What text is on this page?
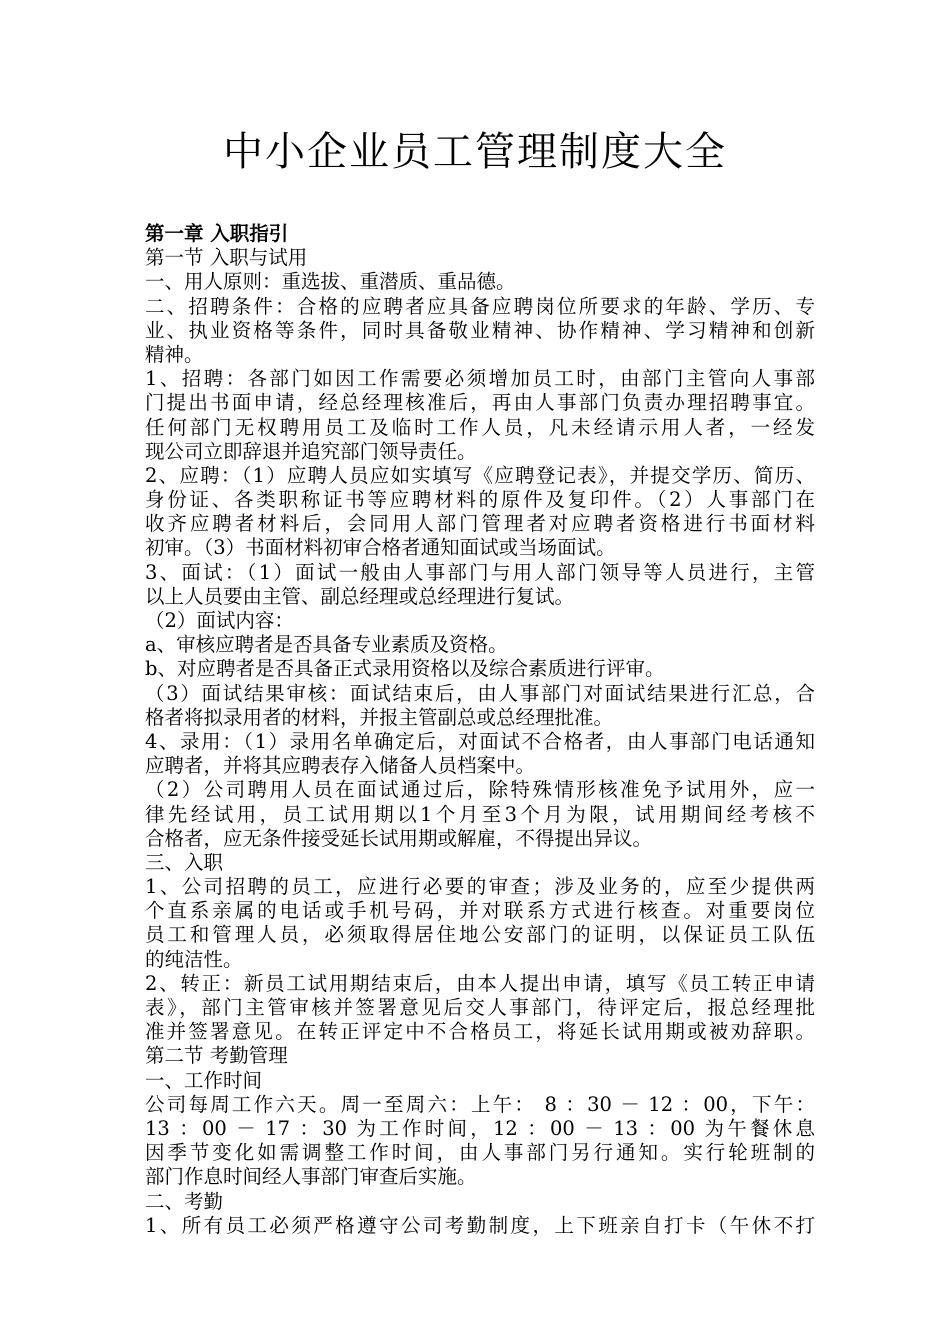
中小企业员工管理制度大全
第一章 入职指引
第一节 入职与试用
一、用人原则：重选拔、重潜质、重品德。
二、招聘条件：合格的应聘者应具备应聘岗位所要求的年龄、学历、专
业、执业资格等条件，同时具备敬业精神、协作精神、学习精神和创新
精神。
1、招聘：各部门如因工作需要必须增加员工时，由部门主管向人事部
门提出书面申请，经总经理核准后，再由人事部门负责办理招聘事宜。
任何部门无权聘用员工及临时工作人员，凡未经请示用人者，一经发
现公司立即辞退并追究部门领导责任。
2、应聘：（1）应聘人员应如实填写《应聘登记表》，并提交学历、简历、
身份证、各类职称证书等应聘材料的原件及复印件。（2）人事部门在
收齐应聘者材料后，会同用人部门管理者对应聘者资格进行书面材料
初审。（3）书面材料初审合格者通知面试或当场面试。
3、面试：（1）面试一般由人事部门与用人部门领导等人员进行，主管
以上人员要由主管、副总经理或总经理进行复试。
（2）面试内容：
a、审核应聘者是否具备专业素质及资格。
b、对应聘者是否具备正式录用资格以及综合素质进行评审。
（3）面试结果审核：面试结束后，由人事部门对面试结果进行汇总，合
格者将拟录用者的材料，并报主管副总或总经理批准。
4、录用：（1）录用名单确定后，对面试不合格者，由人事部门电话通知
应聘者，并将其应聘表存入储备人员档案中。
（2）公司聘用人员在面试通过后，除特殊情形核准免予试用外，应一
律先经试用，员工试用期以1个月至3个月为限，试用期间经考核不
合格者，应无条件接受延长试用期或解雇，不得提出异议。
三、入职
1、公司招聘的员工，应进行必要的审查；涉及业务的，应至少提供两
个直系亲属的电话或手机号码，并对联系方式进行核查。对重要岗位
员工和管理人员，必须取得居住地公安部门的证明，以保证员工队伍
的纯洁性。
2、转正：新员工试用期结束后，由本人提出申请，填写《员工转正申请
表》，部门主管审核并签署意见后交人事部门，待评定后，报总经理批
准并签署意见。在转正评定中不合格员工，将延长试用期或被劝辞职。
第二节 考勤管理
一、工作时间
公司每周工作六天。周一至周六：上午： 8 ：30 － 12 ：00，下午：
13 ：00 － 17 ：30 为工作时间，12 ：00 － 13 ：00 为午餐休息
因季节变化如需调整工作时间，由人事部门另行通知。实行轮班制的
部门作息时间经人事部门审查后实施。
二、考勤
1、所有员工必须严格遵守公司考勤制度，上下班亲自打卡（午休不打
